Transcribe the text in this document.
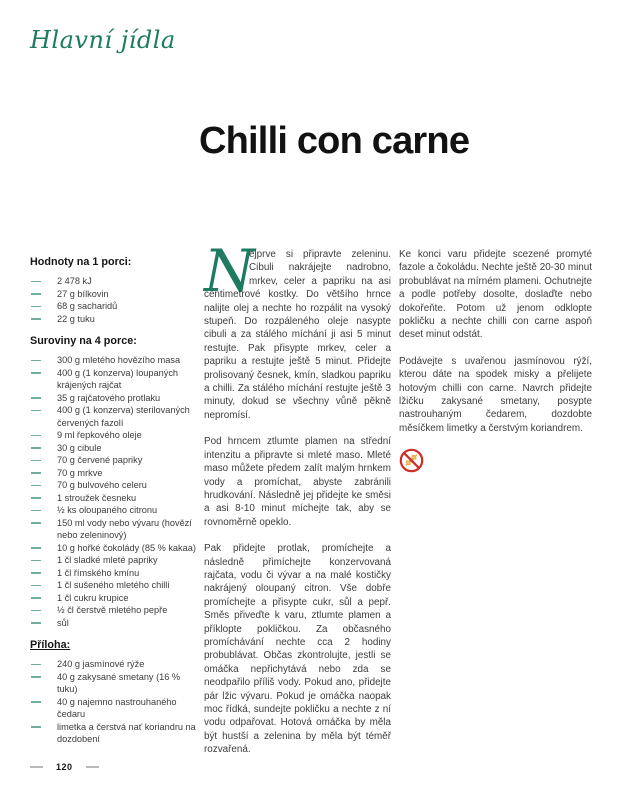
Hlavní jídla
Chilli con carne
Hodnoty na 1 porci:
2 478 kJ
27 g bílkovin
68 g sacharidů
22 g tuku
Suroviny na 4 porce:
300 g mletého hovězího masa
400 g (1 konzerva) loupaných krájených rajčat
35 g rajčatového protlaku
400 g (1 konzerva) sterilovaných červených fazolí
9 ml řepkového oleje
30 g cibule
70 g červené papriky
70 g mrkve
70 g bulvového celeru
1 stroužek česneku
½ ks oloupaného citronu
150 ml vody nebo vývaru (hovězí nebo zeleninový)
10 g hořké čokolády (85 % kakaa)
1 čl sladké mleté papriky
1 čl římského kmínu
1 čl sušeného mletého chilli
1 čl cukru krupice
½ čl čerstvě mletého pepře
sůl
Příloha:
240 g jasmínové rýže
40 g zakysané smetany (16 % tuku)
40 g najemno nastrouhaného čedaru
limetka a čerstvá nať koriandru na dozdobení

N
ejprve si připravte zeleninu. Cibuli nakrájejte nadrobno, mrkev, celer a papriku na asi centimetrové kostky. Do většího hrnce nalijte olej a nechte ho rozpálit na vysoký stupeň. Do rozpáleného oleje nasypte cibuli a za stálého míchání ji asi 5 minut restujte. Pak přisypte mrkev, celer a papriku a restujte ještě 5 minut. Přidejte prolisovaný česnek, kmín, sladkou papriku a chilli. Za stálého míchání restujte ještě 3 minuty, dokud se všechny vůně pěkně nepromísí.

Pod hrncem ztlumte plamen na střední intenzitu a připravte si mleté maso. Mleté maso můžete předem zalít malým hrnkem vody a promíchat, abyste zabránili hrudkování. Následně jej přidejte ke směsi a asi 8-10 minut míchejte tak, aby se rovnoměrně opeklo.

Pak přidejte protlak, promíchejte a následně přimíchejte konzervovaná rajčata, vodu či vývar a na malé kostičky nakrájený oloupaný citron. Vše dobře promíchejte a přisypte cukr, sůl a pepř. Směs přiveďte k varu, ztlumte plamen a příklopte pokličkou. Za občasného promíchávání nechte cca 2 hodiny probublávat. Občas zkontrolujte, jestli se omáčka nepřichytává nebo zda se neodpařilo příliš vody. Pokud ano, přidejte pár lžic vývaru. Pokud je omáčka naopak moc řídká, sundejte pokličku a nechte z ní vodu odpařovat. Hotová omáčka by měla být hustší a zelenina by měla být téměř rozvařená.

Ke konci varu přidejte scezené promyté fazole a čokoládu. Nechte ještě 20-30 minut probublávat na mírném plameni. Ochutnejte a podle potřeby dosolte, doslaďte nebo dokořeňte. Potom už jenom odklopte pokličku a nechte chilli con carne aspoň deset minut odstát.

Podávejte s uvařenou jasmínovou rýží, kterou dáte na spodek misky a přelijete hotovým chilli con carne. Navrch přidejte lžičku zakysané smetany, posypte nastrouhaným čedarem, dozdobte měsíčkem limetky a čerstvým koriandrem.

120
